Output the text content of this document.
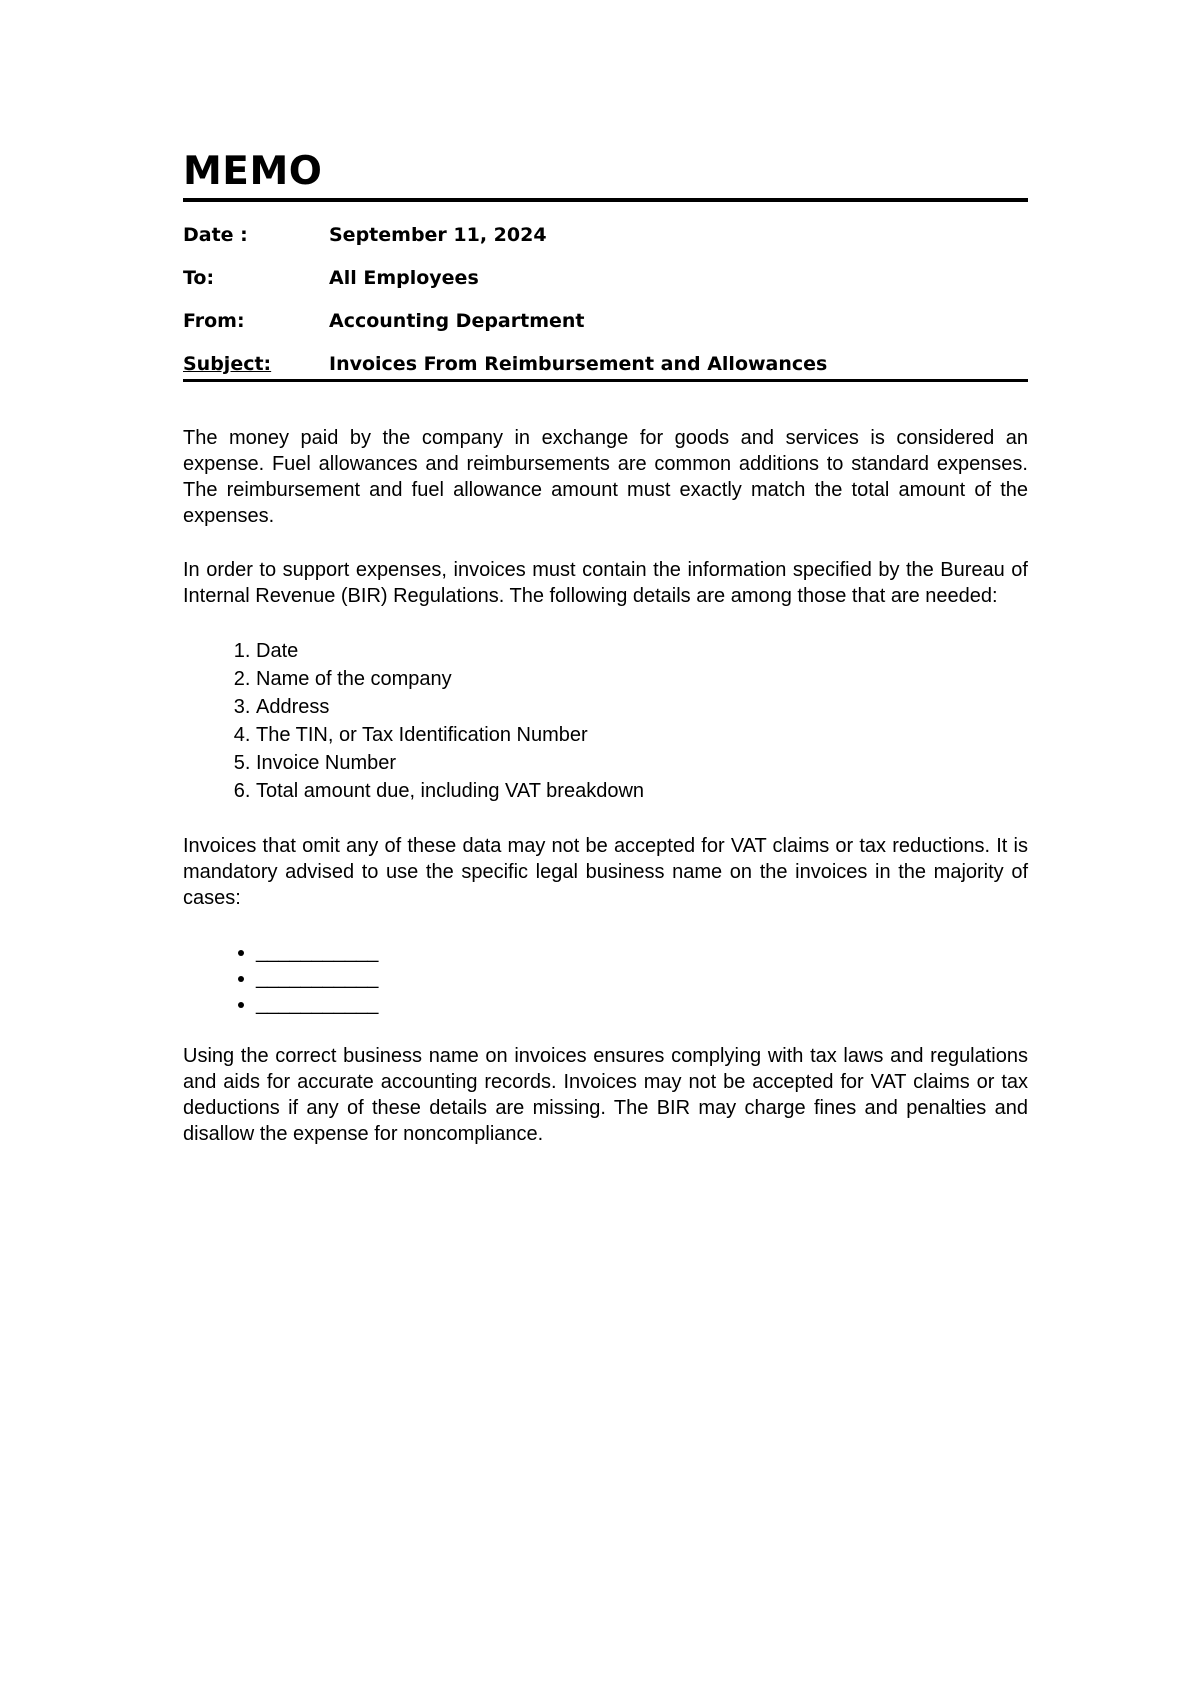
MEMO
Date :	September 11, 2024
To:	All Employees
From:	Accounting Department
Subject:	Invoices From Reimbursement and Allowances

The money paid by the company in exchange for goods and services is considered an expense. Fuel allowances and reimbursements are common additions to standard expenses. The reimbursement and fuel allowance amount must exactly match the total amount of the expenses.

In order to support expenses, invoices must contain the information specified by the Bureau of Internal Revenue (BIR) Regulations. The following details are among those that are needed:

1. Date
2. Name of the company
3. Address
4. The TIN, or Tax Identification Number
5. Invoice Number
6. Total amount due, including VAT breakdown

Invoices that omit any of these data may not be accepted for VAT claims or tax reductions. It is mandatory advised to use the specific legal business name on the invoices in the majority of cases:

• ___________
• ___________
• ___________

Using the correct business name on invoices ensures complying with tax laws and regulations and aids for accurate accounting records. Invoices may not be accepted for VAT claims or tax deductions if any of these details are missing. The BIR may charge fines and penalties and disallow the expense for noncompliance.
